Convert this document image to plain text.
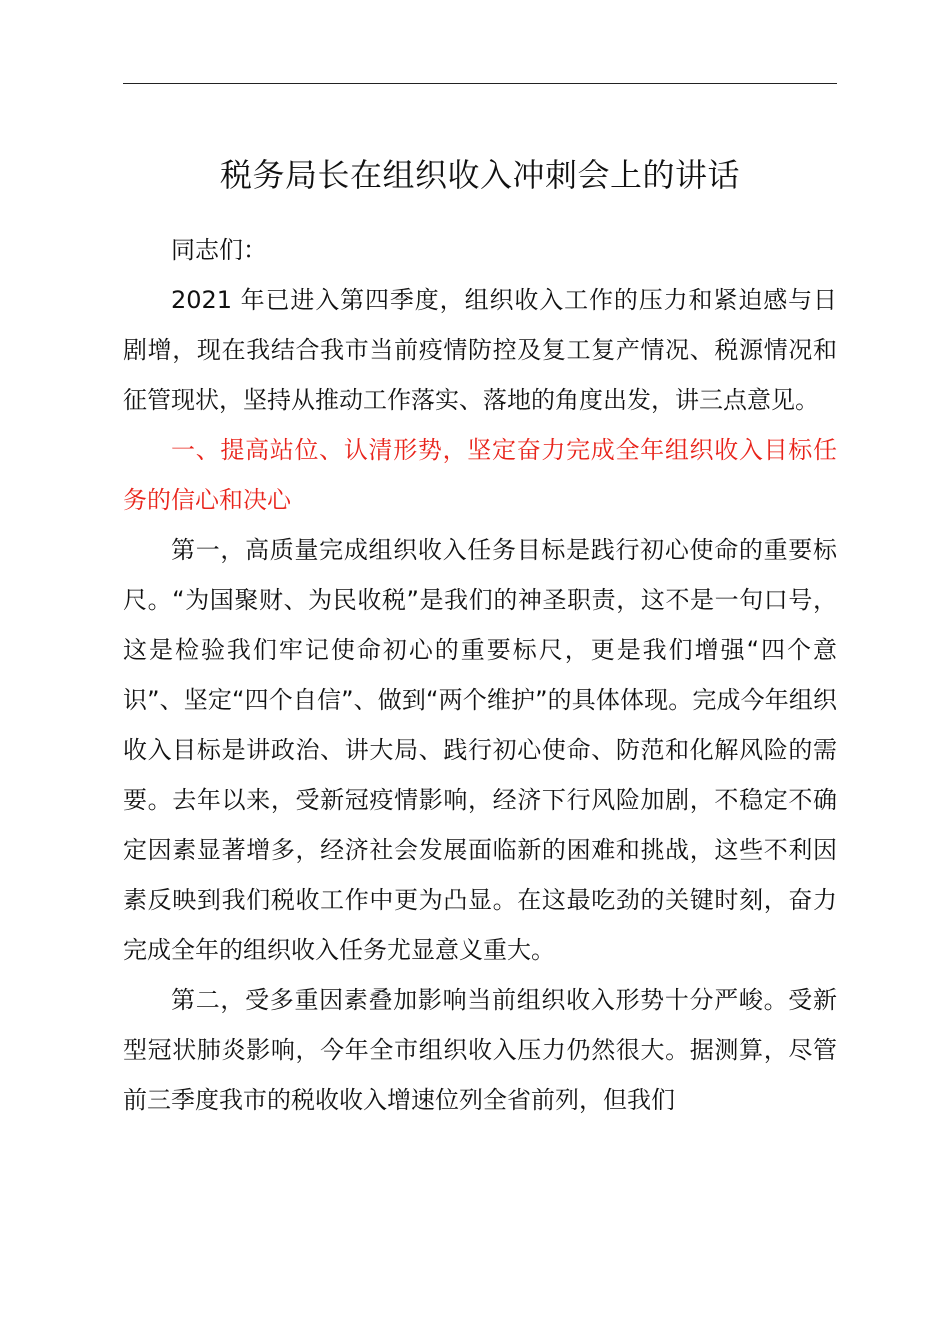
税务局长在组织收入冲刺会上的讲话

同志们：

2021 年已进入第四季度，组织收入工作的压力和紧迫感与日剧增，现在我结合我市当前疫情防控及复工复产情况、税源情况和征管现状，坚持从推动工作落实、落地的角度出发，讲三点意见。

一、提高站位、认清形势，坚定奋力完成全年组织收入目标任务的信心和决心

第一，高质量完成组织收入任务目标是践行初心使命的重要标尺。“为国聚财、为民收税”是我们的神圣职责，这不是一句口号，这是检验我们牢记使命初心的重要标尺，更是我们增强“四个意识”、坚定“四个自信”、做到“两个维护”的具体体现。完成今年组织收入目标是讲政治、讲大局、践行初心使命、防范和化解风险的需要。去年以来，受新冠疫情影响，经济下行风险加剧，不稳定不确定因素显著增多，经济社会发展面临新的困难和挑战，这些不利因素反映到我们税收工作中更为凸显。在这最吃劲的关键时刻，奋力完成全年的组织收入任务尤显意义重大。

第二，受多重因素叠加影响当前组织收入形势十分严峻。受新型冠状肺炎影响，今年全市组织收入压力仍然很大。据测算，尽管前三季度我市的税收收入增速位列全省前列，但我们
